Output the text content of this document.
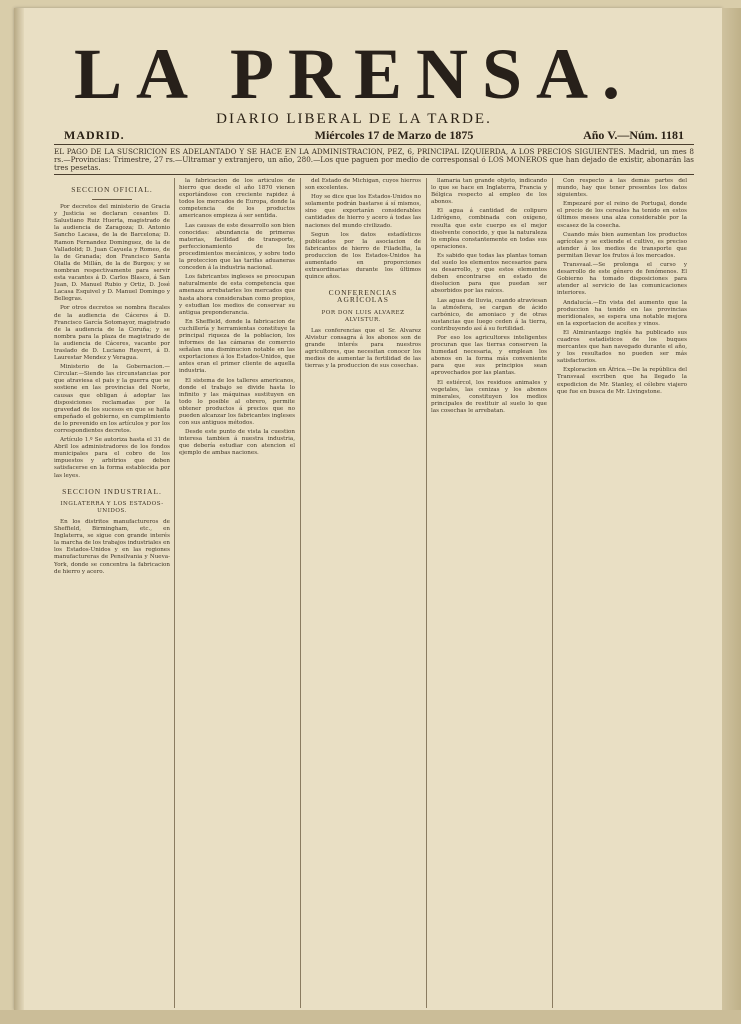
LA PRENSA.
DIARIO LIBERAL DE LA TARDE.
MADRID.	Miércoles 17 de Marzo de 1875	Año V.—Núm. 1181
EL PAGO DE LA SUSCRICION ES ADELANTADO Y SE HACE EN LA ADMINISTRACION, PEZ, 6, PRINCIPAL IZQUIERDA, A LOS PRECIOS SIGUIENTES. Madrid, un mes 8 rs.—Provincias: Trimestre, 27 rs.—Ultramar y extranjero, un año, 280.—Los que paguen por medio de corresponsal ó LOS MONEROS que han dejado de existir, abonarán las tres pesetas.
SECCION OFICIAL.

Por decretos del ministerio de Gracia y Justicia se declaran cesantes D. Salustiano Ruiz Huerta, magistrado de la audiencia de Zaragoza; D. Antonio Sancho Lacasa, de la de Barcelona; D. Ramon Fernandez Dominguez, de la de Valladolid; D. Juan Cayuela y Romeo, de la de Granada; don Francisco Santa Olalla de Millán, de la de Burgos; y se nombran respectivamente para servir esta vacantes á D. Carlos Blasco, á San Juan, D. Manuel Rubio y Ortiz, D. José Lacasa Esquivel y D. Manuel Domingo y Bellegras.

Por otros decretos se nombra fiscales de la audiencia de Cáceres á D. Francisco García Sotomayor, magistrado de la audiencia de la Coruña; y se nombra para la plaza de magistrado de la audiencia de Cáceres, vacante por traslado de D. Luciano Reyerri, á D. Laurestar Mendez y Veragua.

Ministerio de la Gobernacion.—Circular.—Siendo las circunstancias por que atraviesa el pais y la guerra que se sostiene en las provincias del Norte, causas que obligan á adoptar las disposiciones reclamadas por la gravedad de los sucesos en que se halla empeñado el gobierno, en cumplimiento de lo prevenido en los artículos y por los correspondientes decretos.

Artículo 1.º Se autoriza hasta el 31 de Abril los administradores de los fondos municipales para el cobro de los impuestos y arbitrios que deben satisfacerse en la forma establecida por las leyes.

SECCION INDUSTRIAL.
INGLATERRA Y LOS ESTADOS-UNIDOS.

En los distritos manufactureros de Sheffield, Birmingham, etc., en Inglaterra, se sigue con grande interés la marcha de los trabajos industriales en los Estados-Unidos y en las regiones manufactureras de Pensilvania y Nueva-York, donde se concentra la fabricacion de hierro y acero.

la fabricacion de los artículos de hierro que desde el año 1870 vienen exportándose con creciente rapidez á todos los mercados de Europa, donde la competencia de los productos americanos empieza á ser sentida.

Las causas de este desarrollo son bien conocidas: abundancia de primeras materias, facilidad de transporte, perfeccionamiento de los procedimientos mecánicos, y sobre todo la proteccion que las tarifas aduaneras conceden á la industria nacional.

Los fabricantes ingleses se preocupan naturalmente de esta competencia que amenaza arrebatarles los mercados que hasta ahora consideraban como propios, y estudian los medios de conservar su antigua preponderancia.

En Sheffield, donde la fabricacion de cuchillería y herramientas constituye la principal riqueza de la poblacion, los informes de las cámaras de comercio señalan una disminucion notable en las exportaciones á los Estados-Unidos, que antes eran el primer cliente de aquella industria.

El sistema de los talleres americanos, donde el trabajo se divide hasta lo infinito y las máquinas sustituyen en todo lo posible al obrero, permite obtener productos á precios que no pueden alcanzar los fabricantes ingleses con sus antiguos métodos.

Desde este punto de vista la cuestion interesa tambien á nuestra industria, que debería estudiar con atencion el ejemplo de ambas naciones.

del Estado de Michigan, cuyos hierros son excelentes.

Hoy se dice que los Estados-Unidos no solamente podrán bastarse á sí mismos, sino que exportarán considerables cantidades de hierro y acero á todas las naciones del mundo civilizado.

Segun los datos estadísticos publicados por la asociacion de fabricantes de hierro de Filadelfia, la produccion de los Estados-Unidos ha aumentado en proporciones extraordinarias durante los últimos quince años.

CONFERENCIAS AGRÍCOLAS
POR DON LUIS ALVAREZ ALVISTUR.

Las conferencias que el Sr. Alvarez Alvistur consagra á los abonos son de grande interés para nuestros agricultores, que necesitan conocer los medios de aumentar la fertilidad de las tierras y la produccion de sus cosechas.

llamaría tan grande objeto, indicando lo que se hace en Inglaterra, Francia y Bélgica respecto al empleo de los abonos.

El agua á cantidad de colipuro Lidrógeno, combinada con oxígeno, resulta que este cuerpo es el mejor disolvente conocido, y que la naturaleza lo emplea constantemente en todas sus operaciones.

Es sabido que todas las plantas toman del suelo los elementos necesarios para su desarrollo, y que estos elementos deben encontrarse en estado de disolucion para que puedan ser absorbidos por las raíces.

Las aguas de lluvia, cuando atraviesan la atmósfera, se cargan de ácido carbónico, de amoniaco y de otras sustancias que luego ceden á la tierra, contribuyendo así á su fertilidad.

Por eso los agricultores inteligentes procuran que las tierras conserven la humedad necesaria, y emplean los abonos en la forma más conveniente para que sus principios sean aprovechados por las plantas.

El estiércol, los residuos animales y vegetales, las cenizas y los abonos minerales, constituyen los medios principales de restituir al suelo lo que las cosechas le arrebatan.

Con respecto á las demás partes del mundo, hay que tener presentes los datos siguientes.

Empezaré por el reino de Portugal, donde el precio de los cereales ha tenido en estos últimos meses una alza considerable por la escasez de la cosecha.

Cuando más bien aumentan los productos agrícolas y se extiende el cultivo, es preciso atender á los medios de transporte que permitan llevar los frutos á los mercados.

Transvaal.—Se prolonga el curso y desarrollo de este género de fenómenos. El Gobierno ha tomado disposiciones para atender al servicio de las comunicaciones interiores.

Andalucía.—En vista del aumento que la produccion ha tenido en las provincias meridionales, se espera una notable mejora en la exportacion de aceites y vinos.

El Almirantazgo inglés ha publicado sus cuadros estadísticos de los buques mercantes que han navegado durante el año, y los resultados no pueden ser más satisfactorios.

Exploracion en África.—De la república del Transvaal escriben que ha llegado la expedicion de Mr. Stanley, el célebre viajero que fue en busca de Mr. Livingstone.
